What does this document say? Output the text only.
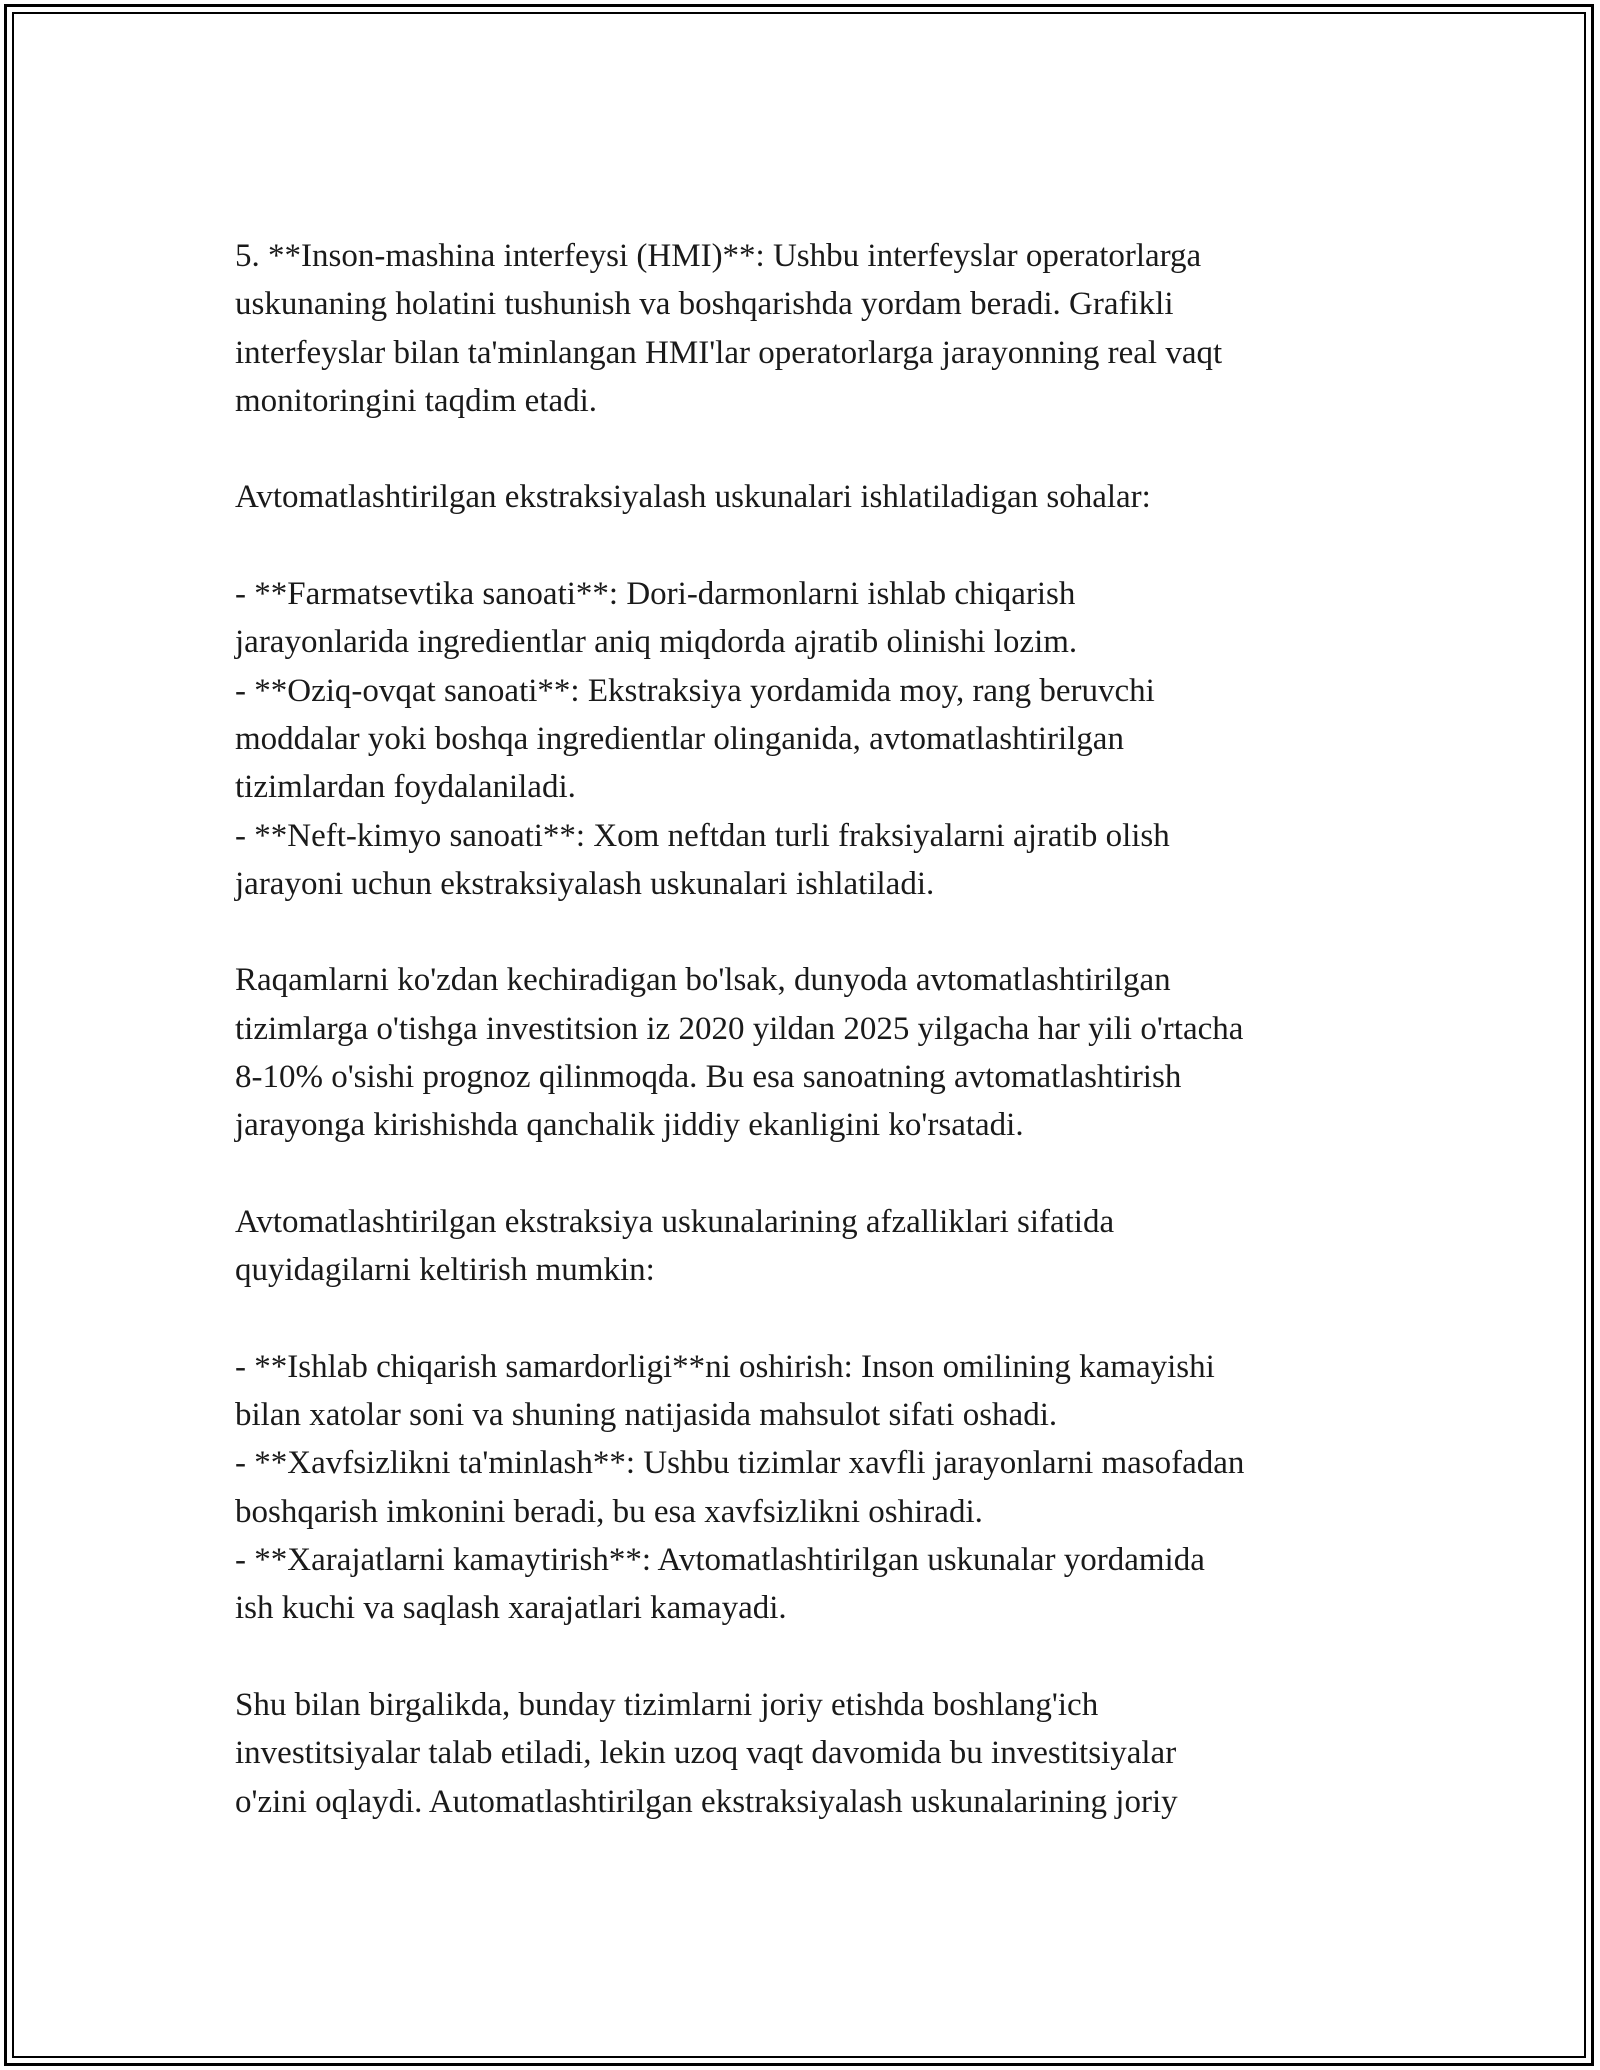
5. **Inson-mashina interfeysi (HMI)**: Ushbu interfeyslar operatorlarga
uskunaning holatini tushunish va boshqarishda yordam beradi. Grafikli
interfeyslar bilan ta'minlangan HMI'lar operatorlarga jarayonning real vaqt
monitoringini taqdim etadi.

Avtomatlashtirilgan ekstraksiyalash uskunalari ishlatiladigan sohalar:

- **Farmatsevtika sanoati**: Dori-darmonlarni ishlab chiqarish
jarayonlarida ingredientlar aniq miqdorda ajratib olinishi lozim.
- **Oziq-ovqat sanoati**: Ekstraksiya yordamida moy, rang beruvchi
moddalar yoki boshqa ingredientlar olinganida, avtomatlashtirilgan
tizimlardan foydalaniladi.
- **Neft-kimyo sanoati**: Xom neftdan turli fraksiyalarni ajratib olish
jarayoni uchun ekstraksiyalash uskunalari ishlatiladi.

Raqamlarni ko'zdan kechiradigan bo'lsak, dunyoda avtomatlashtirilgan
tizimlarga o'tishga investitsion iz 2020 yildan 2025 yilgacha har yili o'rtacha
8-10% o'sishi prognoz qilinmoqda. Bu esa sanoatning avtomatlashtirish
jarayonga kirishishda qanchalik jiddiy ekanligini ko'rsatadi.

Avtomatlashtirilgan ekstraksiya uskunalarining afzalliklari sifatida
quyidagilarni keltirish mumkin:

- **Ishlab chiqarish samardorligi**ni oshirish: Inson omilining kamayishi
bilan xatolar soni va shuning natijasida mahsulot sifati oshadi.
- **Xavfsizlikni ta'minlash**: Ushbu tizimlar xavfli jarayonlarni masofadan
boshqarish imkonini beradi, bu esa xavfsizlikni oshiradi.
- **Xarajatlarni kamaytirish**: Avtomatlashtirilgan uskunalar yordamida
ish kuchi va saqlash xarajatlari kamayadi.

Shu bilan birgalikda, bunday tizimlarni joriy etishda boshlang'ich
investitsiyalar talab etiladi, lekin uzoq vaqt davomida bu investitsiyalar
o'zini oqlaydi. Automatlashtirilgan ekstraksiyalash uskunalarining joriy
